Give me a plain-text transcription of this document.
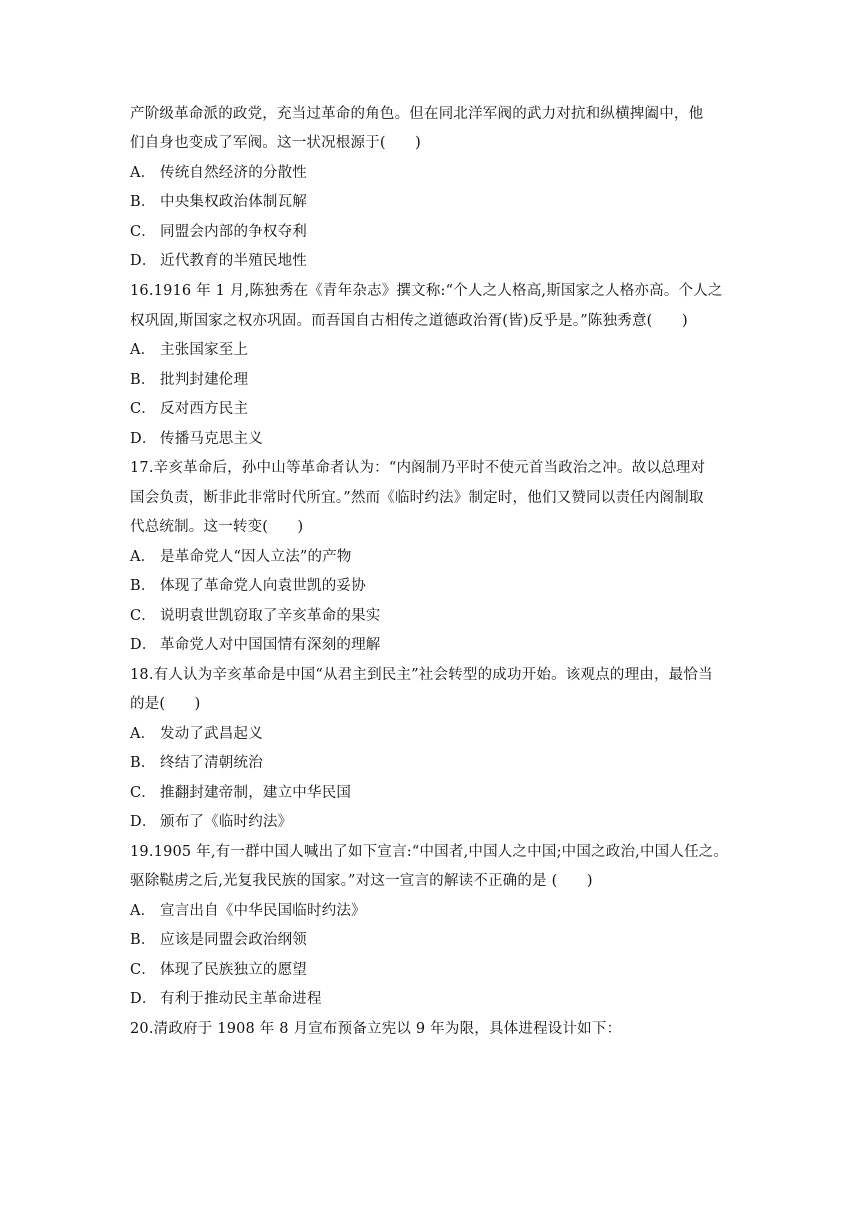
产阶级革命派的政党，充当过革命的角色。但在同北洋军阀的武力对抗和纵横捭阖中，他
们自身也变成了军阀。这一状况根源于(　　)
A． 传统自然经济的分散性
B． 中央集权政治体制瓦解
C． 同盟会内部的争权夺利
D． 近代教育的半殖民地性
16.1916 年 1 月,陈独秀在《青年杂志》撰文称:“个人之人格高,斯国家之人格亦高。个人之
权巩固,斯国家之权亦巩固。而吾国自古相传之道德政治胥(皆)反乎是。”陈独秀意(　　)
A． 主张国家至上
B． 批判封建伦理
C． 反对西方民主
D． 传播马克思主义
17.辛亥革命后，孙中山等革命者认为：“内阁制乃平时不使元首当政治之冲。故以总理对
国会负责，断非此非常时代所宜。”然而《临时约法》制定时，他们又赞同以责任内阁制取
代总统制。这一转变(　　)
A． 是革命党人“因人立法”的产物
B． 体现了革命党人向袁世凯的妥协
C． 说明袁世凯窃取了辛亥革命的果实
D． 革命党人对中国国情有深刻的理解
18.有人认为辛亥革命是中国“从君主到民主”社会转型的成功开始。该观点的理由，最恰当
的是(　　)
A． 发动了武昌起义
B． 终结了清朝统治
C． 推翻封建帝制，建立中华民国
D． 颁布了《临时约法》
19.1905 年,有一群中国人喊出了如下宣言:“中国者,中国人之中国;中国之政治,中国人任之。
驱除鞑虏之后,光复我民族的国家。”对这一宣言的解读不正确的是 (　　)
A． 宣言出自《中华民国临时约法》
B． 应该是同盟会政治纲领
C． 体现了民族独立的愿望
D． 有利于推动民主革命进程
20.清政府于 1908 年 8 月宣布预备立宪以 9 年为限，具体进程设计如下：
